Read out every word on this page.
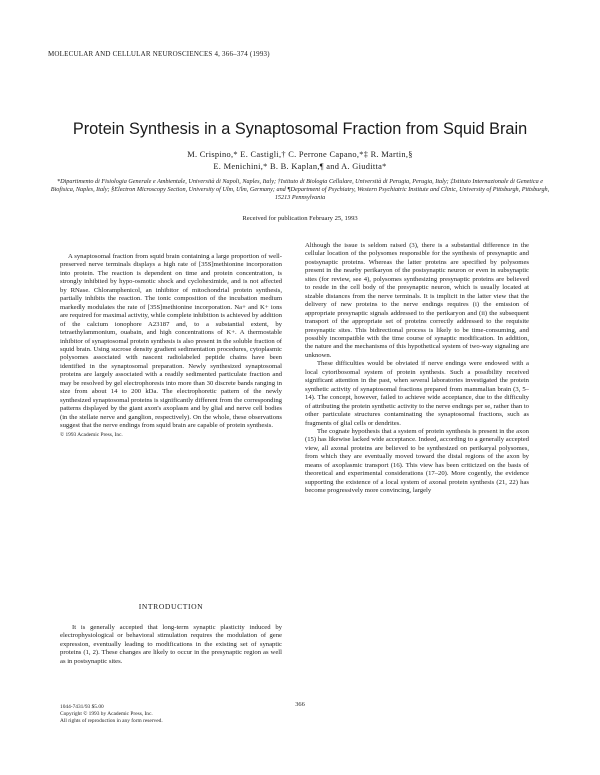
MOLECULAR AND CELLULAR NEUROSCIENCES 4, 366–374 (1993)
Protein Synthesis in a Synaptosomal Fraction from Squid Brain
M. Crispino,* E. Castigli,† C. Perrone Capano,*‡ R. Martin,§
E. Menichini,* B. B. Kaplan,¶ and A. Giuditta*
*Dipartimento di Fisiologia Generale e Ambientale, Università di Napoli, Naples, Italy; †Istituto di Biologia Cellulare, Università di Perugia, Perugia, Italy; ‡Istituto Internazionale di Genetica e Biofisica, Naples, Italy; §Electron Microscopy Section, University of Ulm, Ulm, Germany; and ¶Department of Psychiatry, Western Psychiatric Institute and Clinic, University of Pittsburgh, Pittsburgh, 15213 Pennsylvania
Received for publication February 25, 1993

A synaptosomal fraction from squid brain containing a large proportion of well-preserved nerve terminals displays a high rate of [35S]methionine incorporation into protein. The reaction is dependent on time and protein concentration, is strongly inhibited by hypo-osmotic shock and cycloheximide, and is not affected by RNase. Chloramphenicol, an inhibitor of mitochondrial protein synthesis, partially inhibits the reaction. The ionic composition of the incubation medium markedly modulates the rate of [35S]methionine incorporation. Na+ and K+ ions are required for maximal activity, while complete inhibition is achieved by addition of the calcium ionophore A23187 and, to a substantial extent, by tetraethylammonium, ouabain, and high concentrations of K+. A thermostable inhibitor of synaptosomal protein synthesis is also present in the soluble fraction of squid brain. Using sucrose density gradient sedimentation procedures, cytoplasmic polysomes associated with nascent radiolabeled peptide chains have been identified in the synaptosomal preparation. Newly synthesized synaptosomal proteins are largely associated with a readily sedimented particulate fraction and may be resolved by gel electrophoresis into more than 30 discrete bands ranging in size from about 14 to 200 kDa. The electrophoretic pattern of the newly synthesized synaptosomal proteins is significantly different from the corresponding patterns displayed by the giant axon's axoplasm and by glial and nerve cell bodies (in the stellate nerve and ganglion, respectively). On the whole, these observations suggest that the nerve endings from squid brain are capable of protein synthesis.

© 1993 Academic Press, Inc.
INTRODUCTION

It is generally accepted that long-term synaptic plasticity induced by electrophysiological or behavioral stimulation requires the modulation of gene expression, eventually leading to modifications in the existing set of synaptic proteins (1, 2). These changes are likely to occur in the presynaptic region as well as in postsynaptic sites.

Although the issue is seldom raised (3), there is a substantial difference in the cellular location of the polysomes responsible for the synthesis of presynaptic and postsynaptic proteins. Whereas the latter proteins are specified by polysomes present in the nearby perikaryon of the postsynaptic neuron or even in subsynaptic sites (for review, see 4), polysomes synthesizing presynaptic proteins are believed to reside in the cell body of the presynaptic neuron, which is usually located at sizable distances from the nerve terminals. It is implicit in the latter view that the delivery of new proteins to the nerve endings requires (i) the emission of appropriate presynaptic signals addressed to the perikaryon and (ii) the subsequent transport of the appropriate set of proteins correctly addressed to the requisite presynaptic sites. This bidirectional process is likely to be time-consuming, and possibly incompatible with the time course of synaptic modification. In addition, the nature and the mechanisms of this hypothetical system of two-way signaling are unknown.

These difficulties would be obviated if nerve endings were endowed with a local cytoribosomal system of protein synthesis. Such a possibility received significant attention in the past, when several laboratories investigated the protein synthetic activity of synaptosomal fractions prepared from mammalian brain (3, 5–14). The concept, however, failed to achieve wide acceptance, due to the difficulty of attributing the protein synthetic activity to the nerve endings per se, rather than to other particulate structures contaminating the synaptosomal fractions, such as fragments of glial cells or dendrites.

The cognate hypothesis that a system of protein synthesis is present in the axon (15) has likewise lacked wide acceptance. Indeed, according to a generally accepted view, all axonal proteins are believed to be synthesized on perikaryal polysomes, from which they are eventually moved toward the distal regions of the axon by means of axoplasmic transport (16). This view has been criticized on the basis of theoretical and experimental considerations (17–20). More cogently, the evidence supporting the existence of a local system of axonal protein synthesis (21, 22) has become progressively more convincing, largely

366
1044-7431/93 $5.00
Copyright © 1993 by Academic Press, Inc.
All rights of reproduction in any form reserved.
